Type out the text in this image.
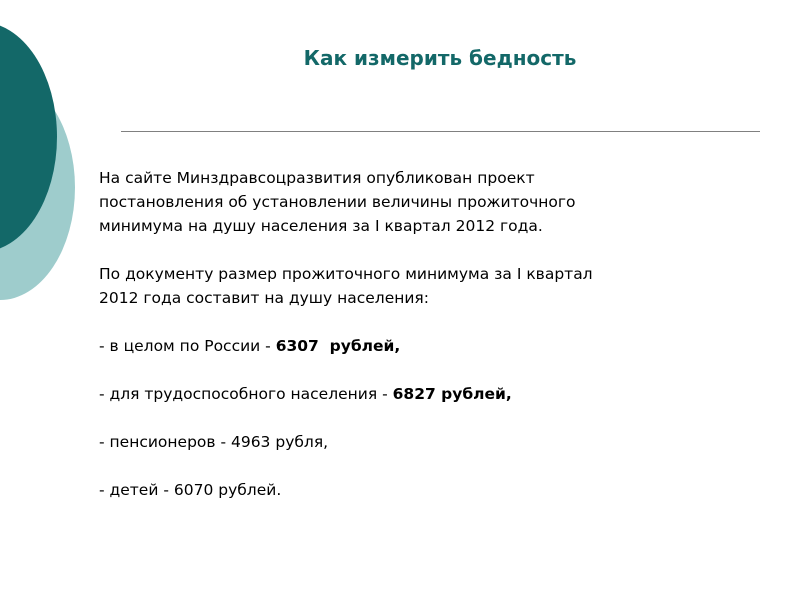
Как измерить бедность
На сайте Минздравсоцразвития опубликован проект
постановления об установлении величины прожиточного
минимума на душу населения за I квартал 2012 года.
По документу размер прожиточного минимума за I квартал
2012 года составит на душу населения:
- в целом по России - 6307  рублей,
- для трудоспособного населения - 6827 рублей,
- пенсионеров - 4963 рубля,
- детей - 6070 рублей.
